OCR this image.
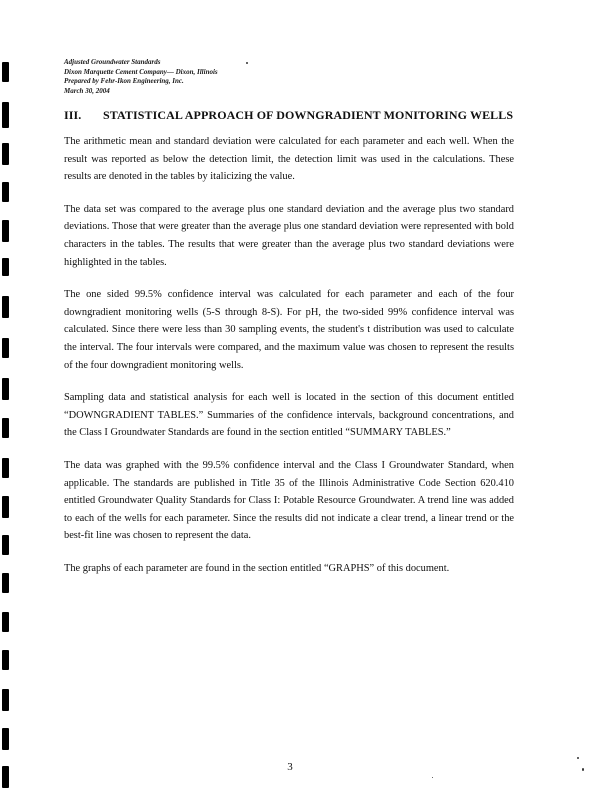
Adjusted Groundwater Standards
Dixon Marquette Cement Company— Dixon, Illinois
Prepared by Fehr-Ikon Engineering, Inc.
March 30, 2004
III. STATISTICAL APPROACH OF DOWNGRADIENT MONITORING WELLS

The arithmetic mean and standard deviation were calculated for each parameter and each well. When the result was reported as below the detection limit, the detection limit was used in the calculations. These results are denoted in the tables by italicizing the value.

The data set was compared to the average plus one standard deviation and the average plus two standard deviations. Those that were greater than the average plus one standard deviation were represented with bold characters in the tables. The results that were greater than the average plus two standard deviations were highlighted in the tables.

The one sided 99.5% confidence interval was calculated for each parameter and each of the four downgradient monitoring wells (5-S through 8-S). For pH, the two-sided 99% confidence interval was calculated. Since there were less than 30 sampling events, the student's t distribution was used to calculate the interval. The four intervals were compared, and the maximum value was chosen to represent the results of the four downgradient monitoring wells.

Sampling data and statistical analysis for each well is located in the section of this document entitled “DOWNGRADIENT TABLES.” Summaries of the confidence intervals, background concentrations, and the Class I Groundwater Standards are found in the section entitled “SUMMARY TABLES.”

The data was graphed with the 99.5% confidence interval and the Class I Groundwater Standard, when applicable. The standards are published in Title 35 of the Illinois Administrative Code Section 620.410 entitled Groundwater Quality Standards for Class I: Potable Resource Groundwater. A trend line was added to each of the wells for each parameter. Since the results did not indicate a clear trend, a linear trend or the best-fit line was chosen to represent the data.

The graphs of each parameter are found in the section entitled “GRAPHS” of this document.

3
